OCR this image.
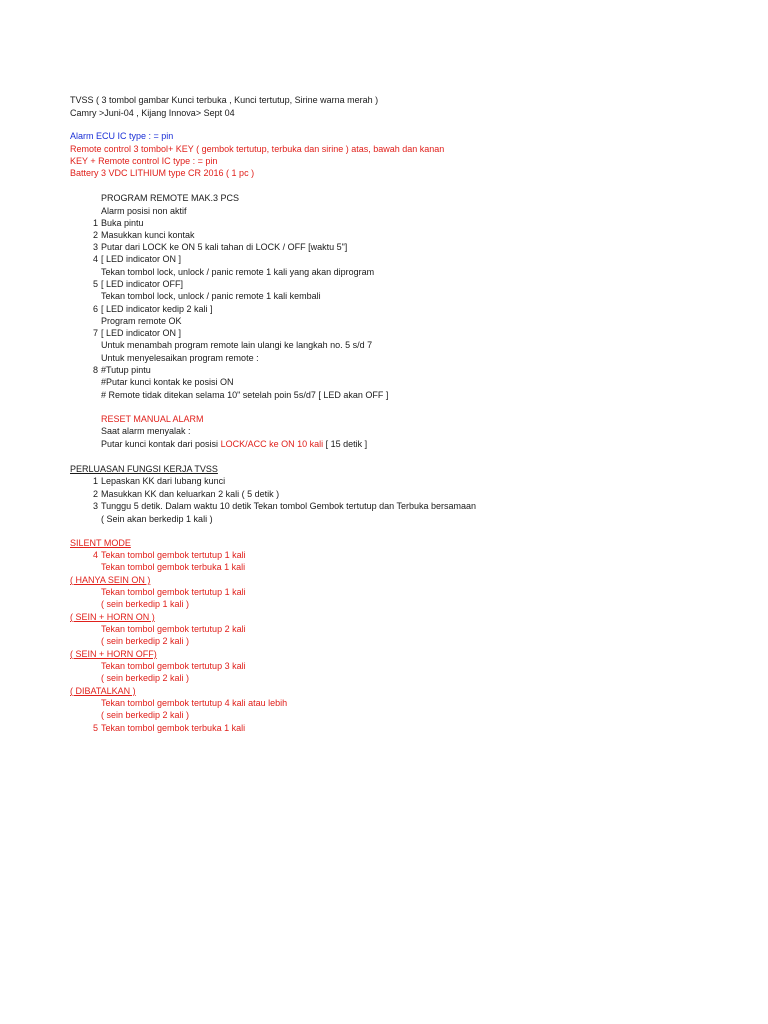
TVSS ( 3 tombol gambar Kunci terbuka , Kunci tertutup, Sirine warna merah )
Camry >Juni-04 , Kijang Innova> Sept 04
Alarm ECU IC type : = pin
Remote control 3 tombol+ KEY ( gembok tertutup, terbuka dan sirine ) atas, bawah dan kanan
KEY + Remote control IC type : = pin
Battery 3 VDC LITHIUM type CR 2016 ( 1 pc )
PROGRAM REMOTE MAK.3 PCS
Alarm posisi non aktif
1 Buka pintu
2 Masukkan kunci kontak
3 Putar dari LOCK ke ON 5 kali tahan di LOCK / OFF [waktu 5"]
4 [ LED indicator ON ]
Tekan tombol lock, unlock / panic remote 1 kali yang akan diprogram
5 [ LED indicator OFF]
Tekan tombol lock, unlock / panic remote 1 kali kembali
6 [ LED indicator kedip 2 kali ]
Program remote OK
7 [ LED indicator ON ]
Untuk menambah program remote lain ulangi ke langkah no. 5 s/d 7
Untuk menyelesaikan program remote :
8 #Tutup pintu
#Putar kunci kontak ke posisi ON
# Remote tidak ditekan selama 10" setelah poin 5s/d7 [ LED akan OFF ]
RESET MANUAL ALARM
Saat alarm menyalak :
Putar kunci kontak dari posisi LOCK/ACC ke ON 10 kali [ 15 detik ]
PERLUASAN FUNGSI KERJA TVSS
1 Lepaskan KK dari lubang kunci
2 Masukkan KK dan keluarkan 2 kali ( 5 detik )
3 Tunggu 5 detik. Dalam waktu 10 detik Tekan tombol Gembok tertutup dan Terbuka bersamaan
( Sein akan berkedip 1 kali )
SILENT MODE
4 Tekan tombol gembok tertutup 1 kali
Tekan tombol gembok terbuka 1 kali
( HANYA SEIN ON )
Tekan tombol gembok tertutup 1 kali
( sein berkedip 1 kali )
( SEIN + HORN ON )
Tekan tombol gembok tertutup 2 kali
( sein berkedip 2 kali )
( SEIN + HORN OFF)
Tekan tombol gembok tertutup 3 kali
( sein berkedip 2 kali )
( DIBATALKAN )
Tekan tombol gembok tertutup 4 kali atau lebih
( sein berkedip 2 kali )
5 Tekan tombol gembok terbuka 1 kali
